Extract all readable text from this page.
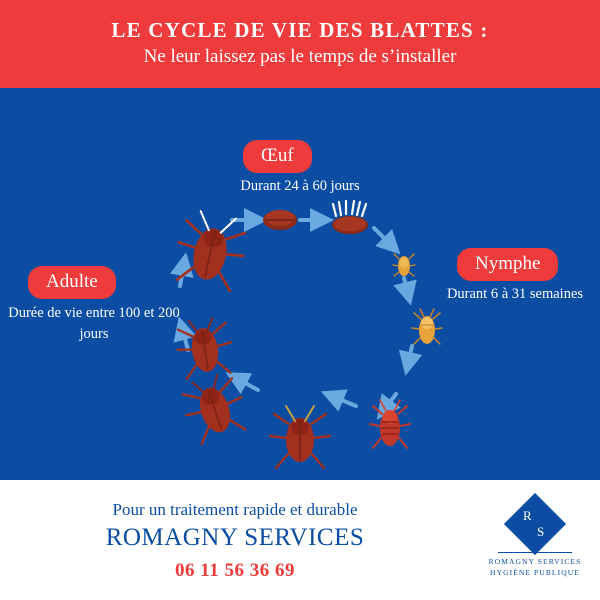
LE CYCLE DE VIE DES BLATTES :
Ne leur laissez pas le temps de s’installer
Œuf
Durant 24 à 60 jours
Nymphe
Durant 6 à 31 semaines
Adulte
Durée de vie entre 100 et 200 jours
Pour un traitement rapide et durable
ROMAGNY SERVICES
06 11 56 36 69
R
S
ROMAGNY SERVICES
HYGIÈNE PUBLIQUE
